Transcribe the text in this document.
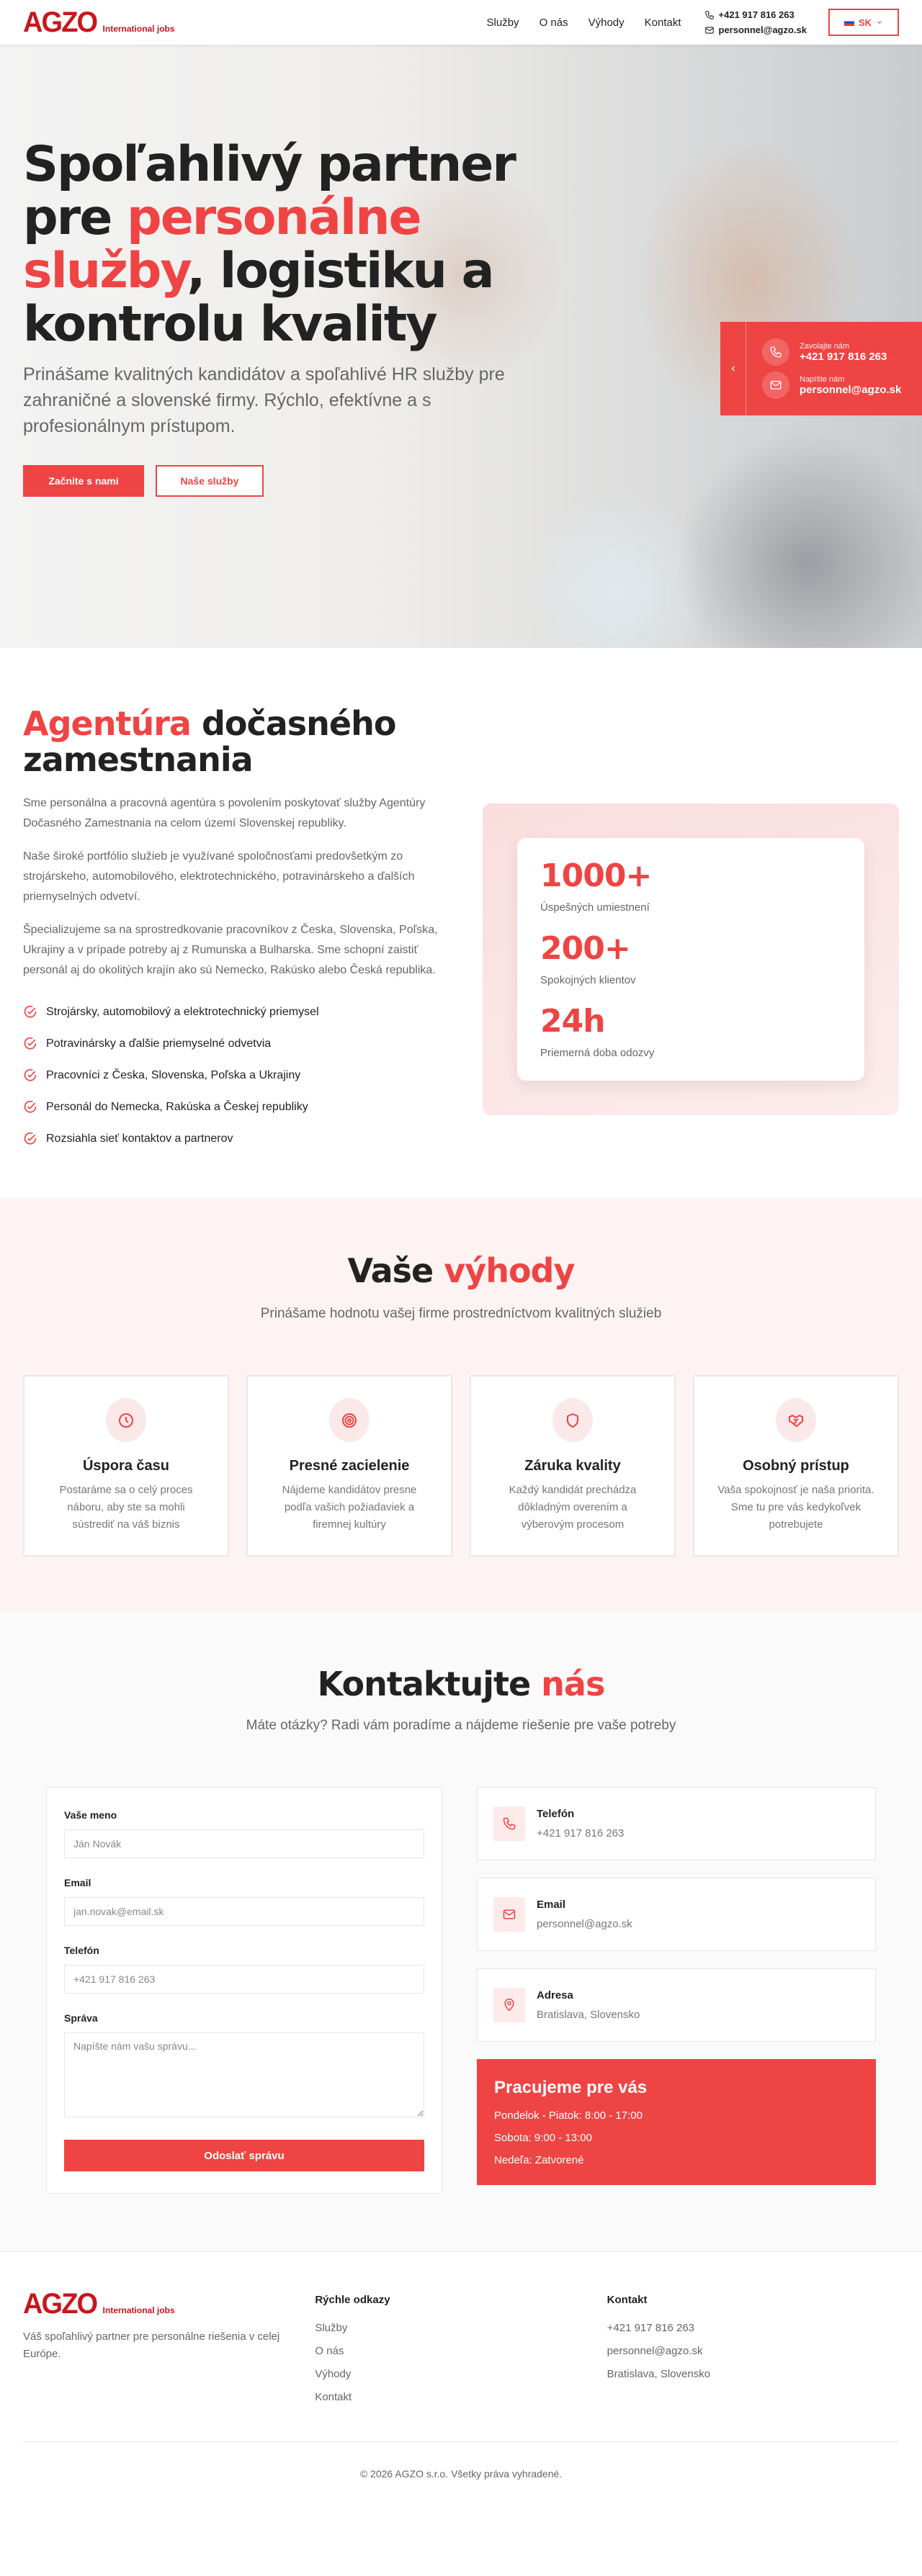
AGZO International jobs
Služby O nás Výhody Kontakt
+421 917 816 263
personnel@agzo.sk
SK
Spoľahlivý partner pre personálne služby, logistiku a kontrolu kvality

Prinášame kvalitných kandidátov a spoľahlivé HR služby pre zahraničné a slovenské firmy. Rýchlo, efektívne a s profesionálnym prístupom.

Začnite s nami	Naše služby
Zavolajte nám
+421 917 816 263
Napíšte nám
personnel@agzo.sk
Agentúra dočasného zamestnania

Sme personálna a pracovná agentúra s povolením poskytovať služby Agentúry Dočasného Zamestnania na celom území Slovenskej republiky.

Naše široké portfólio služieb je využívané spoločnosťami predovšetkým zo strojárskeho, automobilového, elektrotechnického, potravinárskeho a ďalších priemyselných odvetví.

Špecializujeme sa na sprostredkovanie pracovníkov z Česka, Slovenska, Poľska, Ukrajiny a v prípade potreby aj z Rumunska a Bulharska. Sme schopní zaistiť personál aj do okolitých krajín ako sú Nemecko, Rakúsko alebo Česká republika.

Strojársky, automobilový a elektrotechnický priemysel
Potravinársky a ďalšie priemyselné odvetvia
Pracovníci z Česka, Slovenska, Poľska a Ukrajiny
Personál do Nemecka, Rakúska a Českej republiky
Rozsiahla sieť kontaktov a partnerov
1000+
Úspešných umiestnení
200+
Spokojných klientov
24h
Priemerná doba odozvy
Vaše výhody

Prinášame hodnotu vašej firme prostredníctvom kvalitných služieb

Úspora času

Postaráme sa o celý proces náboru, aby ste sa mohli sústrediť na váš biznis

Presné zacielenie

Nájdeme kandidátov presne podľa vašich požiadaviek a firemnej kultúry

Záruka kvality

Každý kandidát prechádza dôkladným overením a výberovým procesom

Osobný prístup

Vaša spokojnosť je naša priorita. Sme tu pre vás kedykoľvek potrebujete

Kontaktujte nás

Máte otázky? Radi vám poradíme a nájdeme riešenie pre vaše potreby

Vaše meno
Ján Novák
Email
jan.novak@email.sk
Telefón
+421 917 816 263
Správa
Napíšte nám vašu správu...
Odoslať správu
Telefón
+421 917 816 263
Email
personnel@agzo.sk
Adresa
Bratislava, Slovensko
Pracujeme pre vás

Pondelok - Piatok: 8:00 - 17:00

Sobota: 9:00 - 13:00

Nedeľa: Zatvorené

AGZO International jobs

Váš spoľahlivý partner pre personálne riešenia v celej Európe.

Rýchle odkazy
Služby
O nás
Výhody
Kontakt
Kontakt
+421 917 816 263
personnel@agzo.sk
Bratislava, Slovensko
© 2026 AGZO s.r.o. Všetky práva vyhradené.
